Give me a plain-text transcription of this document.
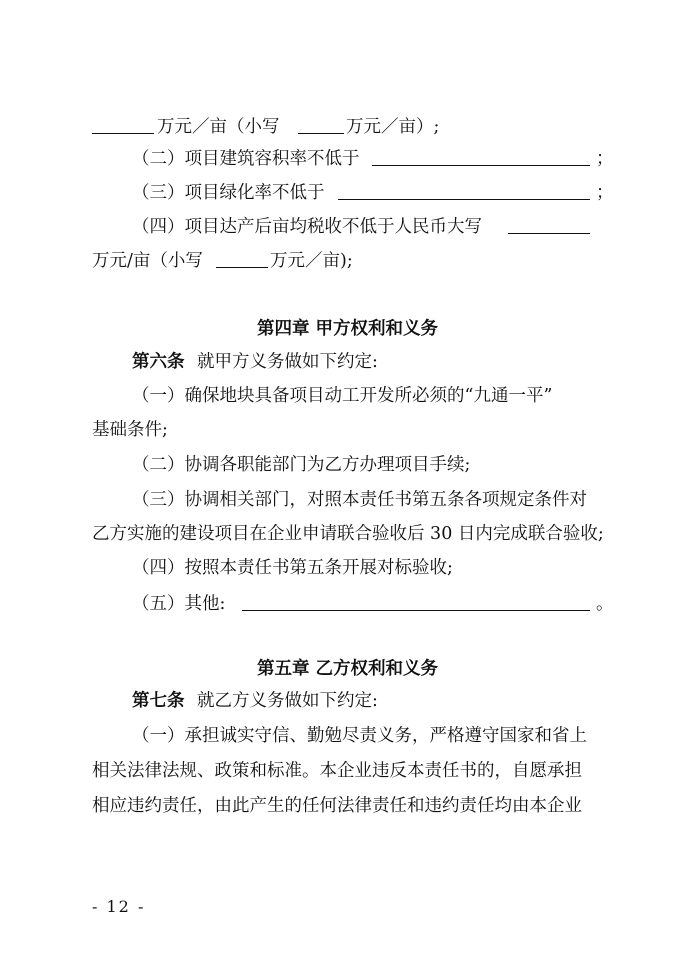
万元／亩（小写	万元／亩）;
（二）项目建筑容积率不低于	；
（三）项目绿化率不低于	；
（四）项目达产后亩均税收不低于人民币大写
万元/亩（小写	万元／亩);
第四章 甲方权利和义务
第六条 就甲方义务做如下约定:
（一）确保地块具备项目动工开发所必须的“九通一平”
基础条件;
（二）协调各职能部门为乙方办理项目手续;
（三）协调相关部门，对照本责任书第五条各项规定条件对
乙方实施的建设项目在企业申请联合验收后 30 日内完成联合验收;
（四）按照本责任书第五条开展对标验收;
（五）其他:	。
第五章 乙方权利和义务
第七条 就乙方义务做如下约定:
（一）承担诚实守信、勤勉尽责义务，严格遵守国家和省上
相关法律法规、政策和标准。本企业违反本责任书的，自愿承担
相应违约责任，由此产生的任何法律责任和违约责任均由本企业
- 12 -
